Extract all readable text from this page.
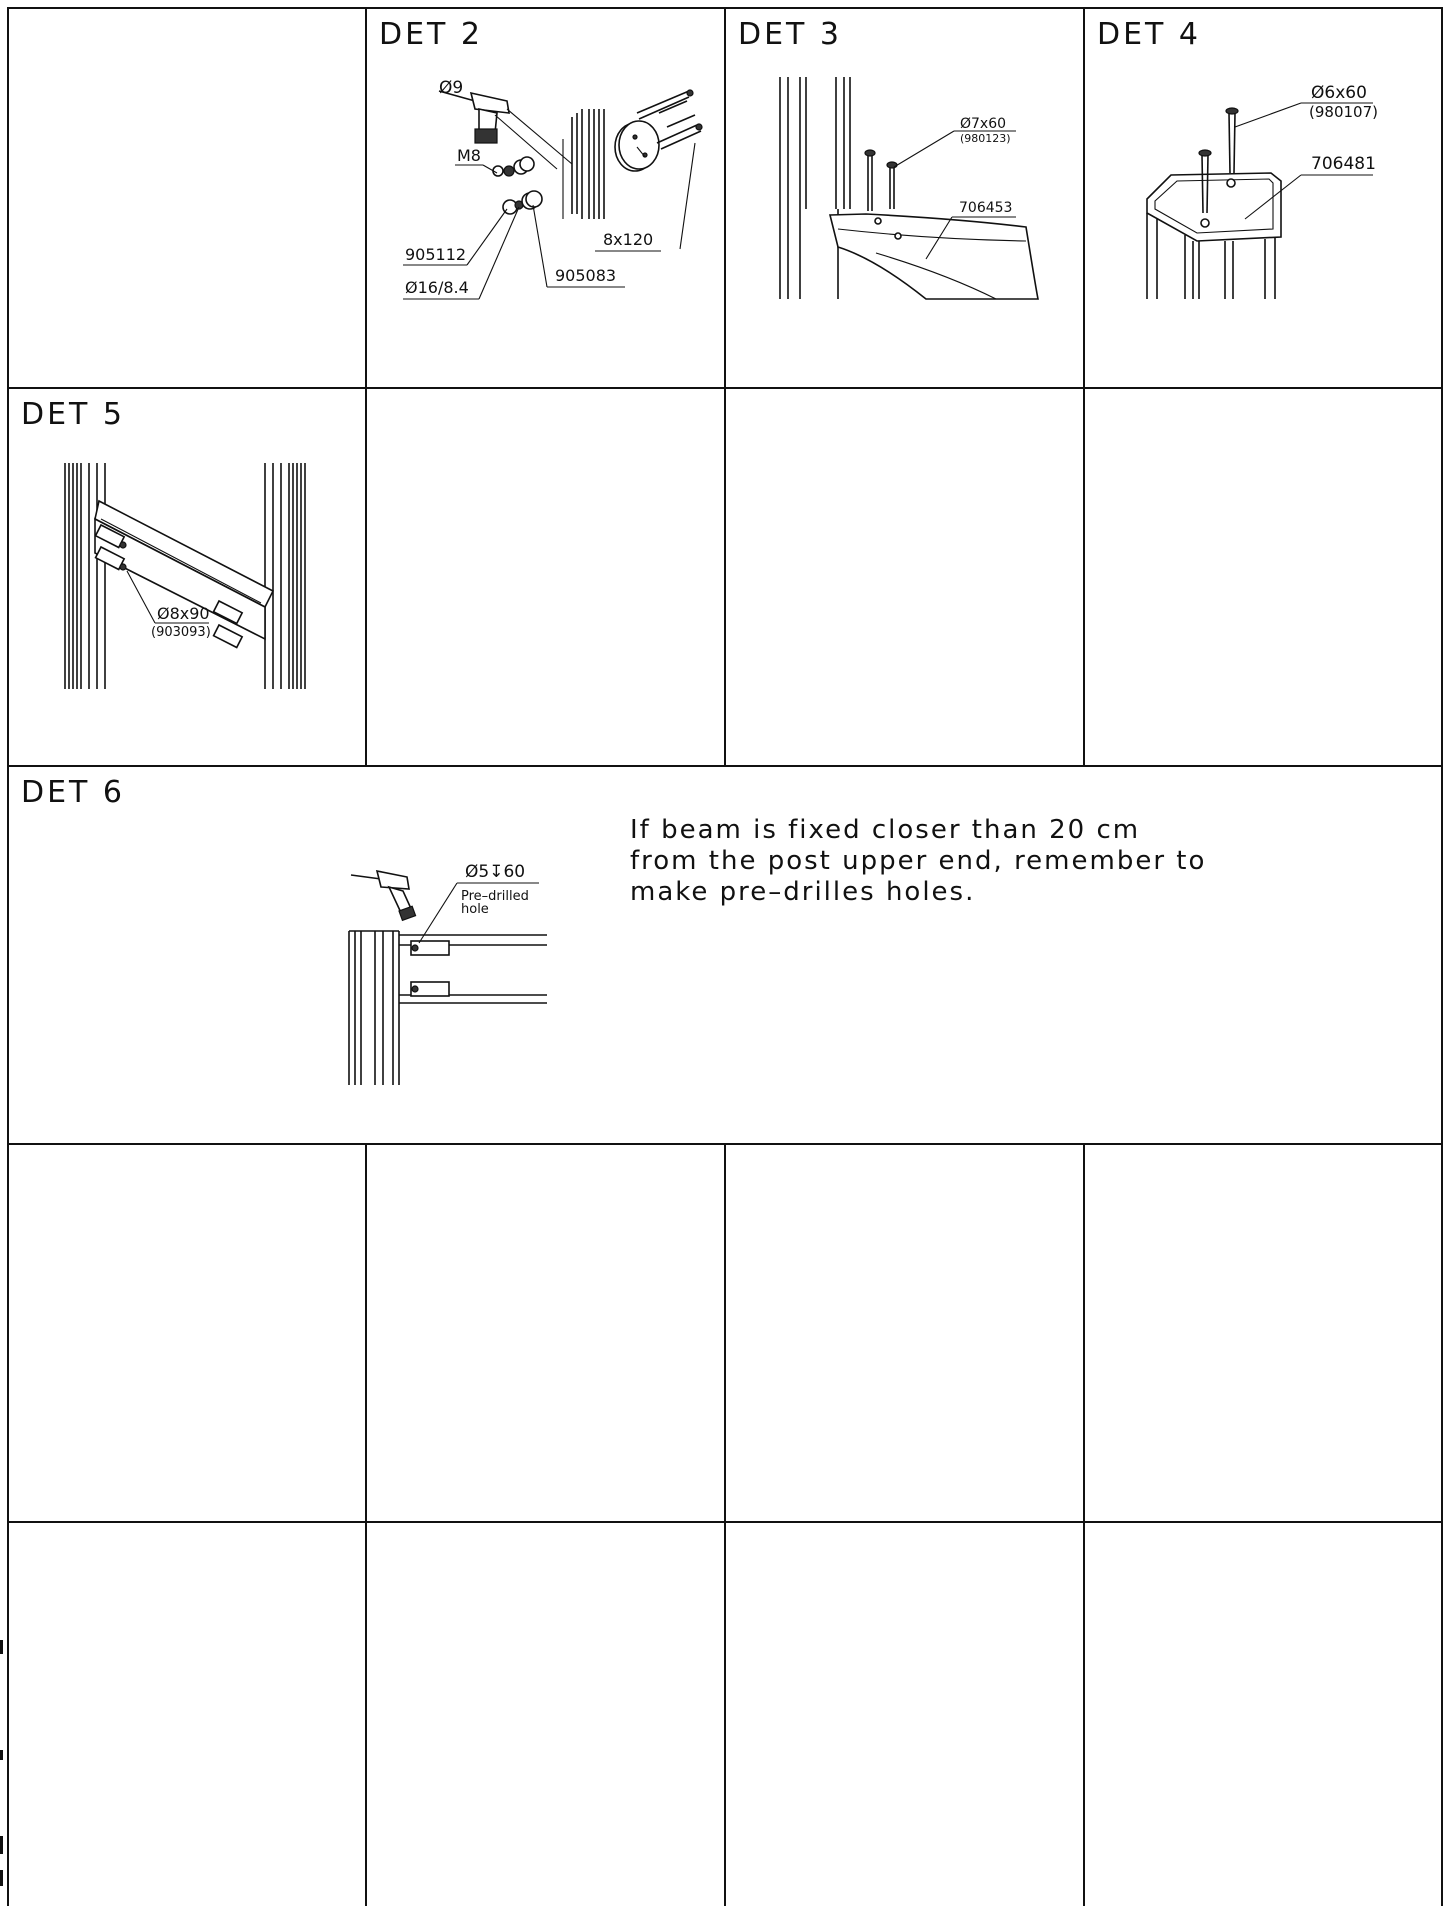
DET 2
Ø9
M8
905112
Ø16/8.4
905083
8x120
DET 3
Ø7x60
(980123)
706453
DET 4
Ø6x60
(980107)
706481
DET 5
Ø8x90
(903093)
DET 6
Ø5↧60
Pre–drilled
hole
If beam is fixed closer than 20 cm
from the post upper end, remember to
make pre–drilles holes.
